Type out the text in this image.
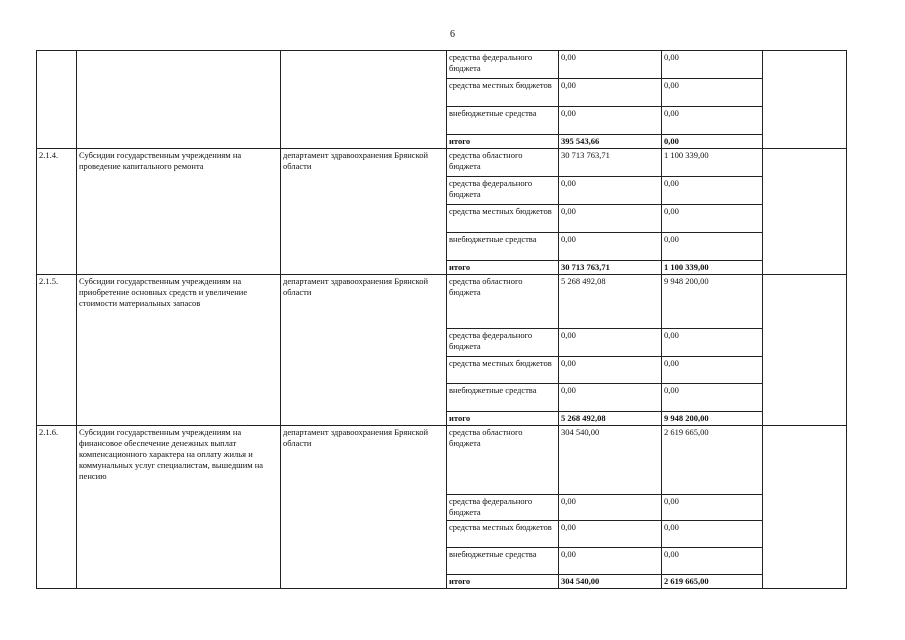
6
			средства федерального бюджета	0,00	0,00	
			средства местных бюджетов	0,00	0,00	
			внебюджетные средства	0,00	0,00	
			итого	395 543,66	0,00	
2.1.4.	Субсидии государственным учреждениям на проведение капитального ремонта	департамент здравоохранения Брянской области	средства областного бюджета	30 713 763,71	1 100 339,00	
			средства федерального бюджета	0,00	0,00	
			средства местных бюджетов	0,00	0,00	
			внебюджетные средства	0,00	0,00	
			итого	30 713 763,71	1 100 339,00	
2.1.5.	Субсидии государственным учреждениям на приобретение основных средств и увеличение стоимости материальных запасов	департамент здравоохранения Брянской области	средства областного бюджета	5 268 492,08	9 948 200,00	
			средства федерального бюджета	0,00	0,00	
			средства местных бюджетов	0,00	0,00	
			внебюджетные средства	0,00	0,00	
			итого	5 268 492,08	9 948 200,00	
2.1.6.	Субсидии государственным учреждениям на финансовое обеспечение денежных выплат компенсационного характера на оплату жилья и коммунальных услуг специалистам, вышедшим на пенсию	департамент здравоохранения Брянской области	средства областного бюджета	304 540,00	2 619 665,00	
			средства федерального бюджета	0,00	0,00	
			средства местных бюджетов	0,00	0,00	
			внебюджетные средства	0,00	0,00	
			итого	304 540,00	2 619 665,00	
